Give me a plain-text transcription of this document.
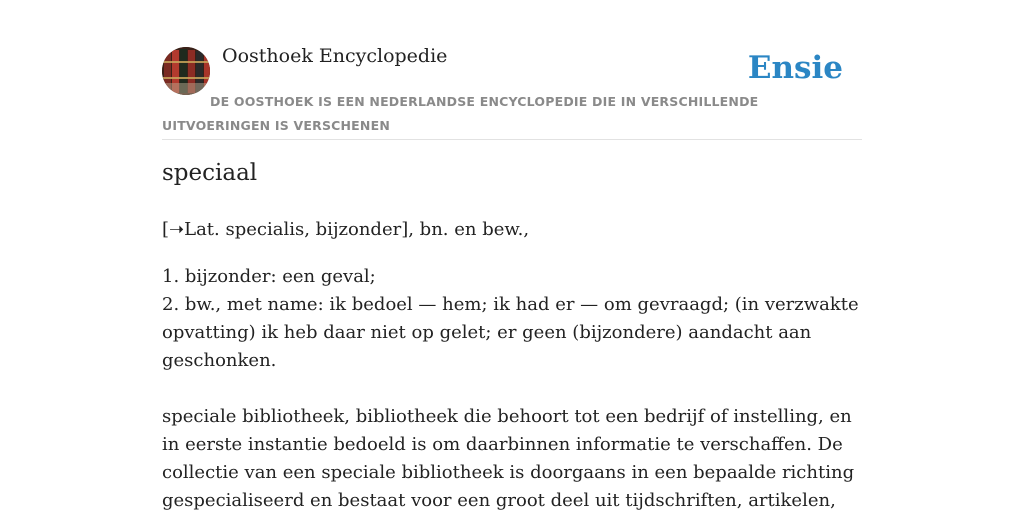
Oosthoek Encyclopedie	Ensie
DE OOSTHOEK IS EEN NEDERLANDSE ENCYCLOPEDIE DIE IN VERSCHILLENDE UITVOERINGEN IS VERSCHENEN
speciaal
[➝Lat. specialis, bijzonder], bn. en bew.,
1. bijzonder: een geval;
2. bw., met name: ik bedoel — hem; ik had er — om gevraagd; (in verzwakte opvatting) ik heb daar niet op gelet; er geen (bijzondere) aandacht aan geschonken.
speciale bibliotheek, bibliotheek die behoort tot een bedrijf of instelling, en in eerste instantie bedoeld is om daarbinnen informatie te verschaffen. De collectie van een speciale bibliotheek is doorgaans in een bepaalde richting gespecialiseerd en bestaat voor een groot deel uit tijdschriften, artikelen,
